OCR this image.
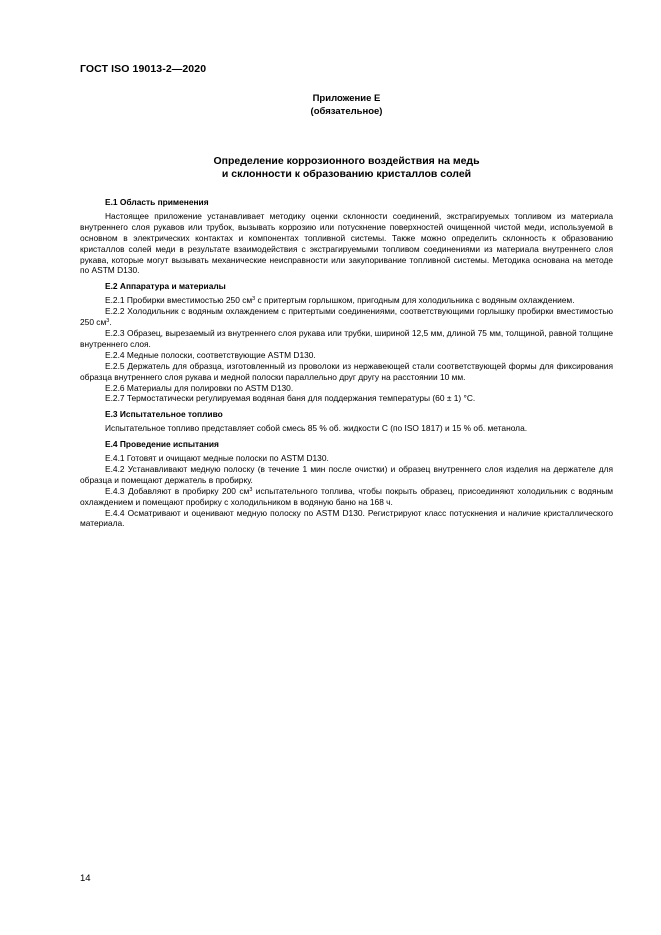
ГОСТ ISO 19013-2—2020
Приложение Е
(обязательное)
Определение коррозионного воздействия на медь
и склонности к образованию кристаллов солей
Е.1 Область применения

Настоящее приложение устанавливает методику оценки склонности соединений, экстрагируемых топливом из материала внутреннего слоя рукавов или трубок, вызывать коррозию или потускнение поверхностей очищенной чистой меди, используемой в основном в электрических контактах и компонентах топливной системы. Также можно определить склонность к образованию кристаллов солей меди в результате взаимодействия с экстрагируемыми топливом соединениями из материала внутреннего слоя рукава, которые могут вызывать механические неисправности или закупоривание топливной системы. Методика основана на методе по ASTM D130.

Е.2 Аппаратура и материалы

Е.2.1 Пробирки вместимостью 250 $см^3$ с притертым горлышком, пригодным для холодильника с водяным охлаждением.

Е.2.2 Холодильник с водяным охлаждением с притертыми соединениями, соответствующими горлышку пробирки вместимостью 250 $см^3$.

Е.2.3 Образец, вырезаемый из внутреннего слоя рукава или трубки, шириной 12,5 мм, длиной 75 мм, толщиной, равной толщине внутреннего слоя.

Е.2.4 Медные полоски, соответствующие ASTM D130.

Е.2.5 Держатель для образца, изготовленный из проволоки из нержавеющей стали соответствующей формы для фиксирования образца внутреннего слоя рукава и медной полоски параллельно друг другу на расстоянии 10 мм.

Е.2.6 Материалы для полировки по ASTM D130.

Е.2.7 Термостатически регулируемая водяная баня для поддержания температуры (60 ± 1) °С.

Е.3 Испытательное топливо

Испытательное топливо представляет собой смесь 85 % об. жидкости С (по ISO 1817) и 15 % об. метанола.

Е.4 Проведение испытания

Е.4.1 Готовят и очищают медные полоски по ASTM D130.

Е.4.2 Устанавливают медную полоску (в течение 1 мин после очистки) и образец внутреннего слоя изделия на держателе для образца и помещают держатель в пробирку.

Е.4.3 Добавляют в пробирку 200 $см^3$ испытательного топлива, чтобы покрыть образец, присоединяют холодильник с водяным охлаждением и помещают пробирку с холодильником в водяную баню на 168 ч.

Е.4.4 Осматривают и оценивают медную полоску по ASTM D130. Регистрируют класс потускнения и наличие кристаллического материала.

14
